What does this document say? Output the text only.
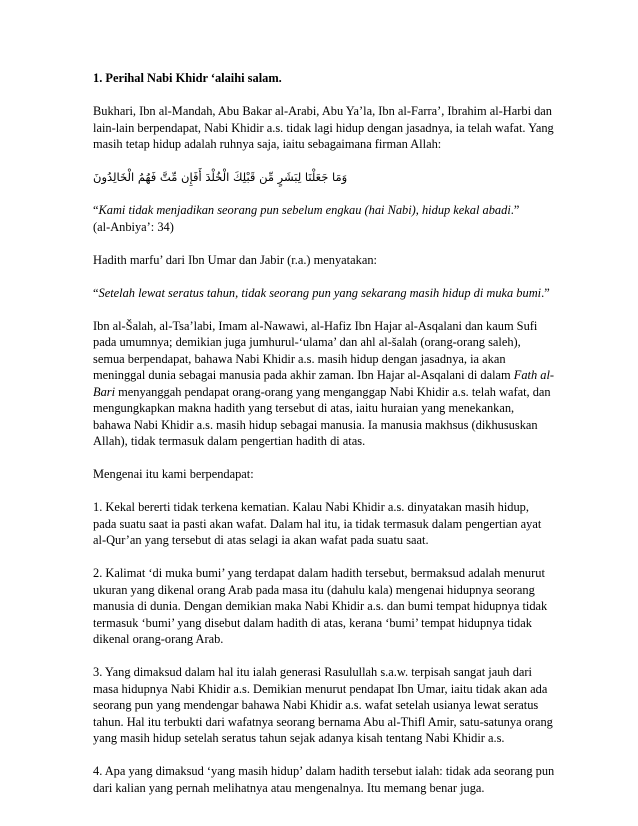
1. Perihal Nabi Khidr ‘alaihi salam.

Bukhari, Ibn al-Mandah, Abu Bakar al-Arabi, Abu Ya’la, Ibn al-Farra’, Ibrahim al-Harbi dan lain-lain berpendapat, Nabi Khidir a.s. tidak lagi hidup dengan jasadnya, ia telah wafat. Yang masih tetap hidup adalah ruhnya saja, iaitu sebagaimana firman Allah:

وَمَا جَعَلْنَا لِبَشَرٍ مِّن قَبْلِكَ الْخُلْدَ أَفَإِن مِّتَّ فَهُمُ الْخَالِدُونَ

“Kami tidak menjadikan seorang pun sebelum engkau (hai Nabi), hidup kekal abadi.”
(al-Anbiya’: 34)

Hadith marfu’ dari Ibn Umar dan Jabir (r.a.) menyatakan:

“Setelah lewat seratus tahun, tidak seorang pun yang sekarang masih hidup di muka bumi.”

Ibn al-Šalah, al-Tsa’labi, Imam al-Nawawi, al-Hafiz Ibn Hajar al-Asqalani dan kaum Sufi pada umumnya; demikian juga jumhurul-‘ulama’ dan ahl al-šalah (orang-orang saleh), semua berpendapat, bahawa Nabi Khidir a.s. masih hidup dengan jasadnya, ia akan meninggal dunia sebagai manusia pada akhir zaman. Ibn Hajar al-Asqalani di dalam Fath al-Bari menyanggah pendapat orang-orang yang menganggap Nabi Khidir a.s. telah wafat, dan mengungkapkan makna hadith yang tersebut di atas, iaitu huraian yang menekankan, bahawa Nabi Khidir a.s. masih hidup sebagai manusia. Ia manusia makhsus (dikhususkan Allah), tidak termasuk dalam pengertian hadith di atas.

Mengenai itu kami berpendapat:

1. Kekal bererti tidak terkena kematian. Kalau Nabi Khidir a.s. dinyatakan masih hidup, pada suatu saat ia pasti akan wafat. Dalam hal itu, ia tidak termasuk dalam pengertian ayat al-Qur’an yang tersebut di atas selagi ia akan wafat pada suatu saat.

2. Kalimat ‘di muka bumi’ yang terdapat dalam hadith tersebut, bermaksud adalah menurut ukuran yang dikenal orang Arab pada masa itu (dahulu kala) mengenai hidupnya seorang manusia di dunia. Dengan demikian maka Nabi Khidir a.s. dan bumi tempat hidupnya tidak termasuk ‘bumi’ yang disebut dalam hadith di atas, kerana ‘bumi’ tempat hidupnya tidak dikenal orang-orang Arab.

3. Yang dimaksud dalam hal itu ialah generasi Rasulullah s.a.w. terpisah sangat jauh dari masa hidupnya Nabi Khidir a.s. Demikian menurut pendapat Ibn Umar, iaitu tidak akan ada seorang pun yang mendengar bahawa Nabi Khidir a.s. wafat setelah usianya lewat seratus tahun. Hal itu terbukti dari wafatnya seorang bernama Abu al-Thifl Amir, satu-satunya orang yang masih hidup setelah seratus tahun sejak adanya kisah tentang Nabi Khidir a.s.

4. Apa yang dimaksud ‘yang masih hidup’ dalam hadith tersebut ialah: tidak ada seorang pun dari kalian yang pernah melihatnya atau mengenalnya. Itu memang benar juga.
